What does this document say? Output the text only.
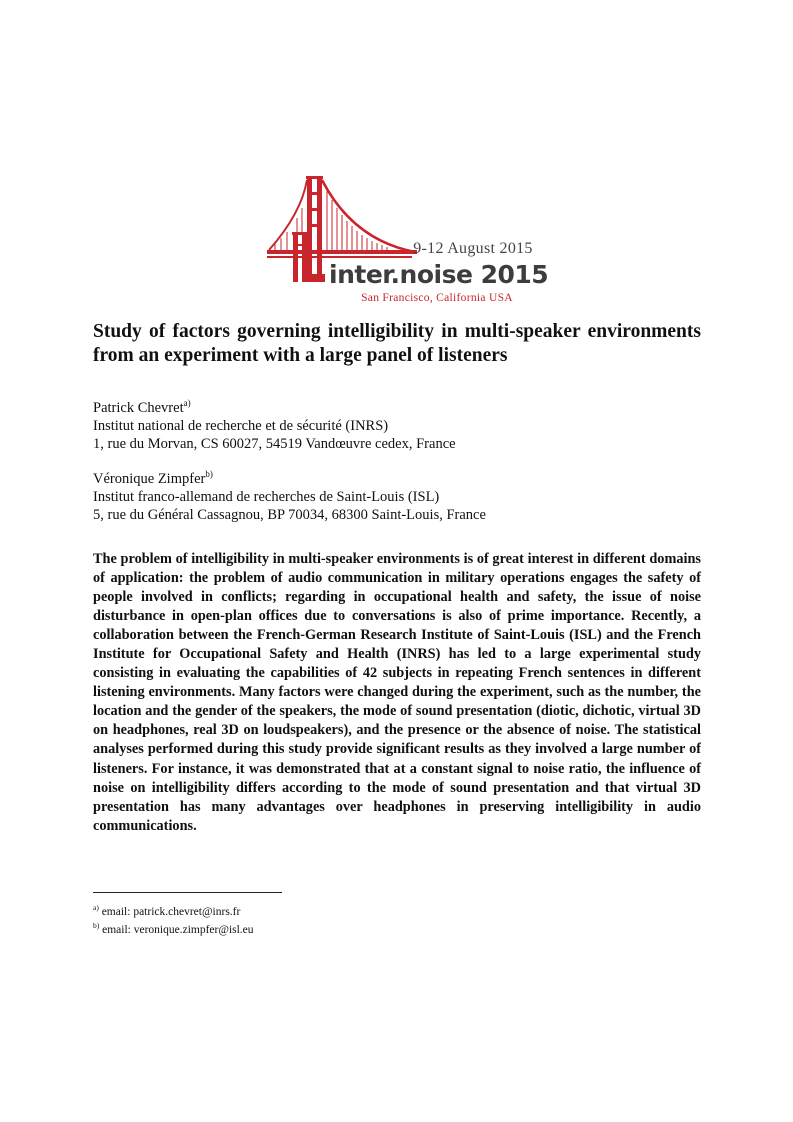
9-12 August 2015
inter.noise 2015
San Francisco, California USA
Study of factors governing intelligibility in multi-speaker environments from an experiment with a large panel of listeners
Patrick Chevret$^{a)}$
Institut national de recherche et de sécurité (INRS)
1, rue du Morvan, CS 60027, 54519 Vandœuvre cedex, France
Véronique Zimpfer$^{b)}$
Institut franco-allemand de recherches de Saint-Louis (ISL)
5, rue du Général Cassagnou, BP 70034, 68300 Saint-Louis, France

The problem of intelligibility in multi-speaker environments is of great interest in different domains of application: the problem of audio communication in military operations engages the safety of people involved in conflicts; regarding in occupational health and safety, the issue of noise disturbance in open-plan offices due to conversations is also of prime importance. Recently, a collaboration between the French-German Research Institute of Saint-Louis (ISL) and the French Institute for Occupational Safety and Health (INRS) has led to a large experimental study consisting in evaluating the capabilities of 42 subjects in repeating French sentences in different listening environments. Many factors were changed during the experiment, such as the number, the location and the gender of the speakers, the mode of sound presentation (diotic, dichotic, virtual 3D on headphones, real 3D on loudspeakers), and the presence or the absence of noise. The statistical analyses performed during this study provide significant results as they involved a large number of listeners. For instance, it was demonstrated that at a constant signal to noise ratio, the influence of noise on intelligibility differs according to the mode of sound presentation and that virtual 3D presentation has many advantages over headphones in preserving intelligibility in audio communications.

$^{a)}$ email: patrick.chevret@inrs.fr
$^{b)}$ email: veronique.zimpfer@isl.eu
